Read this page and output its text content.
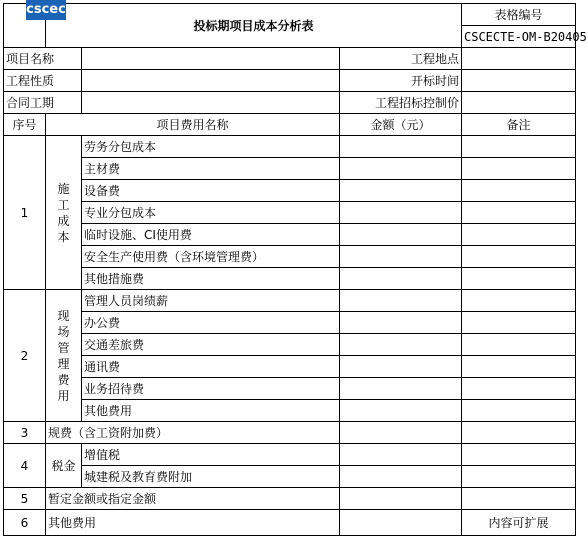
cscec	投标期项目成本分析表			表格编号
				CSCECTE-OM-B20405
项目名称			工程地点	
工程性质			开标时间	
合同工期			工程招标控制价	
序号	项目费用名称		金额（元）	备注
1	施工成本	劳务分包成本		
		主材费		
		设备费		
		专业分包成本		
		临时设施、CI使用费		
		安全生产使用费（含环境管理费）		
		其他措施费		
2	现场管理费用	管理人员岗绩薪		
		办公费		
		交通差旅费		
		通讯费		
		业务招待费		
		其他费用		
3	规费（含工资附加费）			
4	税金	增值税		
		城建税及教育费附加		
5	暂定金额或指定金额			
6	其他费用			内容可扩展
